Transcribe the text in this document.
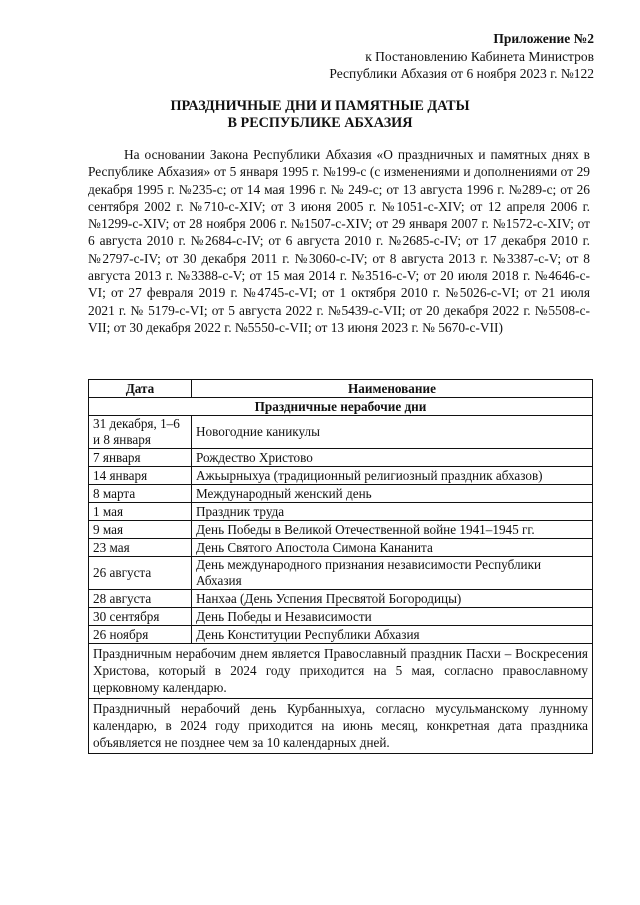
Приложение №2
к Постановлению Кабинета Министров
Республики Абхазия от 6 ноября 2023 г. №122
ПРАЗДНИЧНЫЕ ДНИ И ПАМЯТНЫЕ ДАТЫ
В РЕСПУБЛИКЕ АБХАЗИЯ
На основании Закона Республики Абхазия «О праздничных и памятных днях в Республике Абхазия» от 5 января 1995 г. №199-с (с изменениями и дополнениями от 29 декабря 1995 г. №235-с; от 14 мая 1996 г. № 249-с; от 13 августа 1996 г. №289-с; от 26 сентября 2002 г. №710-с-XIV; от 3 июня 2005 г. №1051-с-XIV; от 12 апреля 2006 г. №1299-с-XIV; от 28 ноября 2006 г. №1507-с-XIV; от 29 января 2007 г. №1572-с-XIV; от 6 августа 2010 г. №2684-с-IV; от 6 августа 2010 г. №2685-с-IV; от 17 декабря 2010 г. №2797-с-IV; от 30 декабря 2011 г. №3060-с-IV; от 8 августа 2013 г. №3387-с-V; от 8 августа 2013 г. №3388-с-V; от 15 мая 2014 г. №3516-с-V; от 20 июля 2018 г. №4646-с-VI; от 27 февраля 2019 г. №4745-с-VI; от 1 октября 2010 г. №5026-с-VI; от 21 июля 2021 г. № 5179-с-VI; от 5 августа 2022 г. №5439-с-VII; от 20 декабря 2022 г. №5508-с-VII; от 30 декабря 2022 г. №5550-с-VII; от 13 июня 2023 г. № 5670-с-VII)
Дата	Наименование
Праздничные нерабочие дни	
31 декабря, 1–6 и 8 января	Новогодние каникулы
7 января	Рождество Христово
14 января	Ажьырныхуа (традиционный религиозный праздник абхазов)
8 марта	Международный женский день
1 мая	Праздник труда
9 мая	День Победы в Великой Отечественной войне 1941–1945 гг.
23 мая	День Святого Апостола Симона Кананита
26 августа	День международного признания независимости Республики Абхазия
28 августа	Нанхәа (День Успения Пресвятой Богородицы)
30 сентября	День Победы и Независимости
26 ноября	День Конституции Республики Абхазия
Праздничным нерабочим днем является Православный праздник Пасхи – Воскресения Христова, который в 2024 году приходится на 5 мая, согласно православному церковному календарю.	
Праздничный нерабочий день Курбанныхуа, согласно мусульманскому лунному календарю, в 2024 году приходится на июнь месяц, конкретная дата праздника объявляется не позднее чем за 10 календарных дней.	
